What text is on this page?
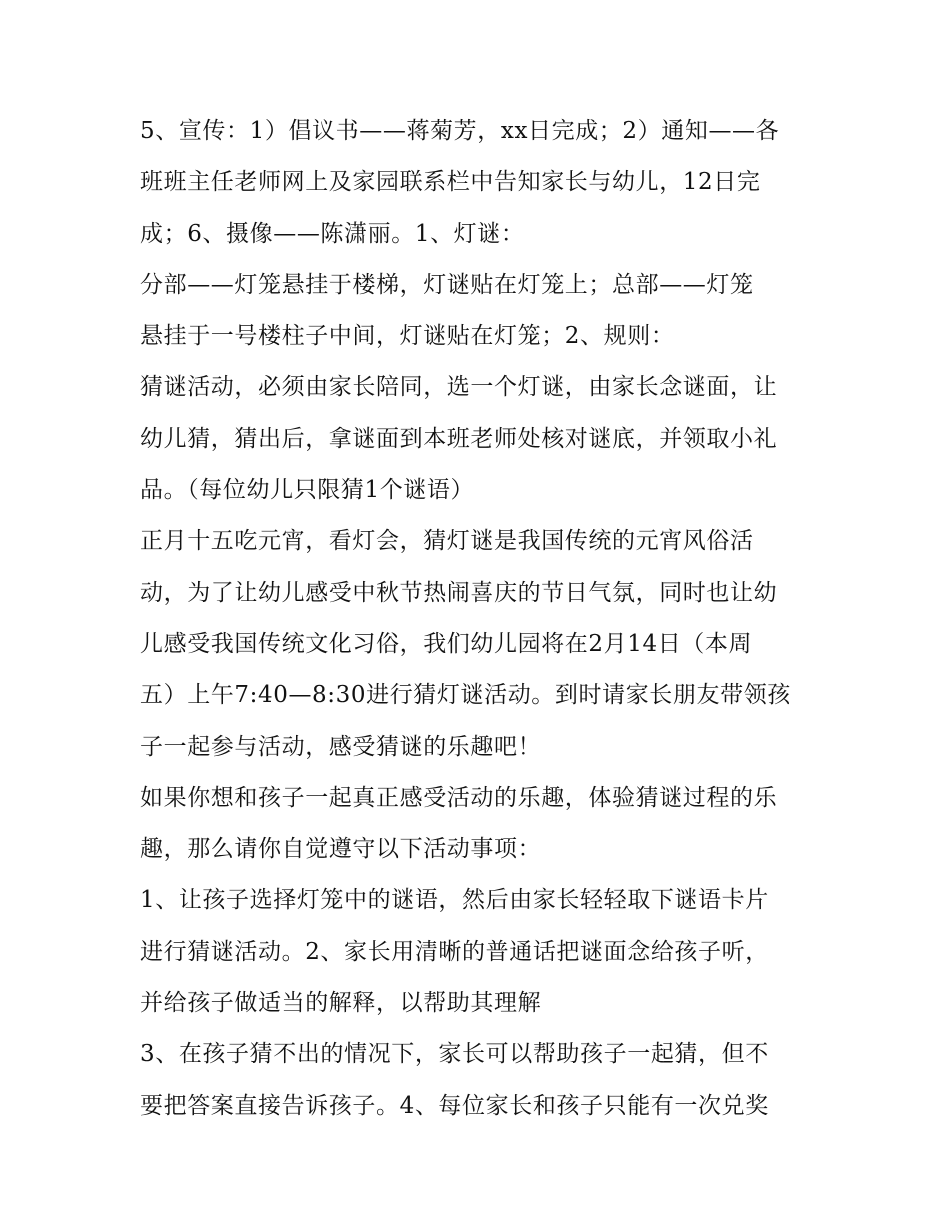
5、宣传：1）倡议书——蒋菊芳，xx日完成；2）通知——各
班班主任老师网上及家园联系栏中告知家长与幼儿，12日完
成；6、摄像——陈潇丽。1、灯谜：
分部——灯笼悬挂于楼梯，灯谜贴在灯笼上；总部——灯笼
悬挂于一号楼柱子中间，灯谜贴在灯笼；2、规则：
猜谜活动，必须由家长陪同，选一个灯谜，由家长念谜面，让
幼儿猜，猜出后，拿谜面到本班老师处核对谜底，并领取小礼
品。（每位幼儿只限猜1个谜语）
正月十五吃元宵，看灯会，猜灯谜是我国传统的元宵风俗活
动，为了让幼儿感受中秋节热闹喜庆的节日气氛，同时也让幼
儿感受我国传统文化习俗，我们幼儿园将在2月14日（本周
五）上午7:40—8:30进行猜灯谜活动。到时请家长朋友带领孩
子一起参与活动，感受猜谜的乐趣吧！
如果你想和孩子一起真正感受活动的乐趣，体验猜谜过程的乐
趣，那么请你自觉遵守以下活动事项：
1、让孩子选择灯笼中的谜语，然后由家长轻轻取下谜语卡片
进行猜谜活动。2、家长用清晰的普通话把谜面念给孩子听，
并给孩子做适当的解释，以帮助其理解
3、在孩子猜不出的情况下，家长可以帮助孩子一起猜，但不
要把答案直接告诉孩子。4、每位家长和孩子只能有一次兑奖
